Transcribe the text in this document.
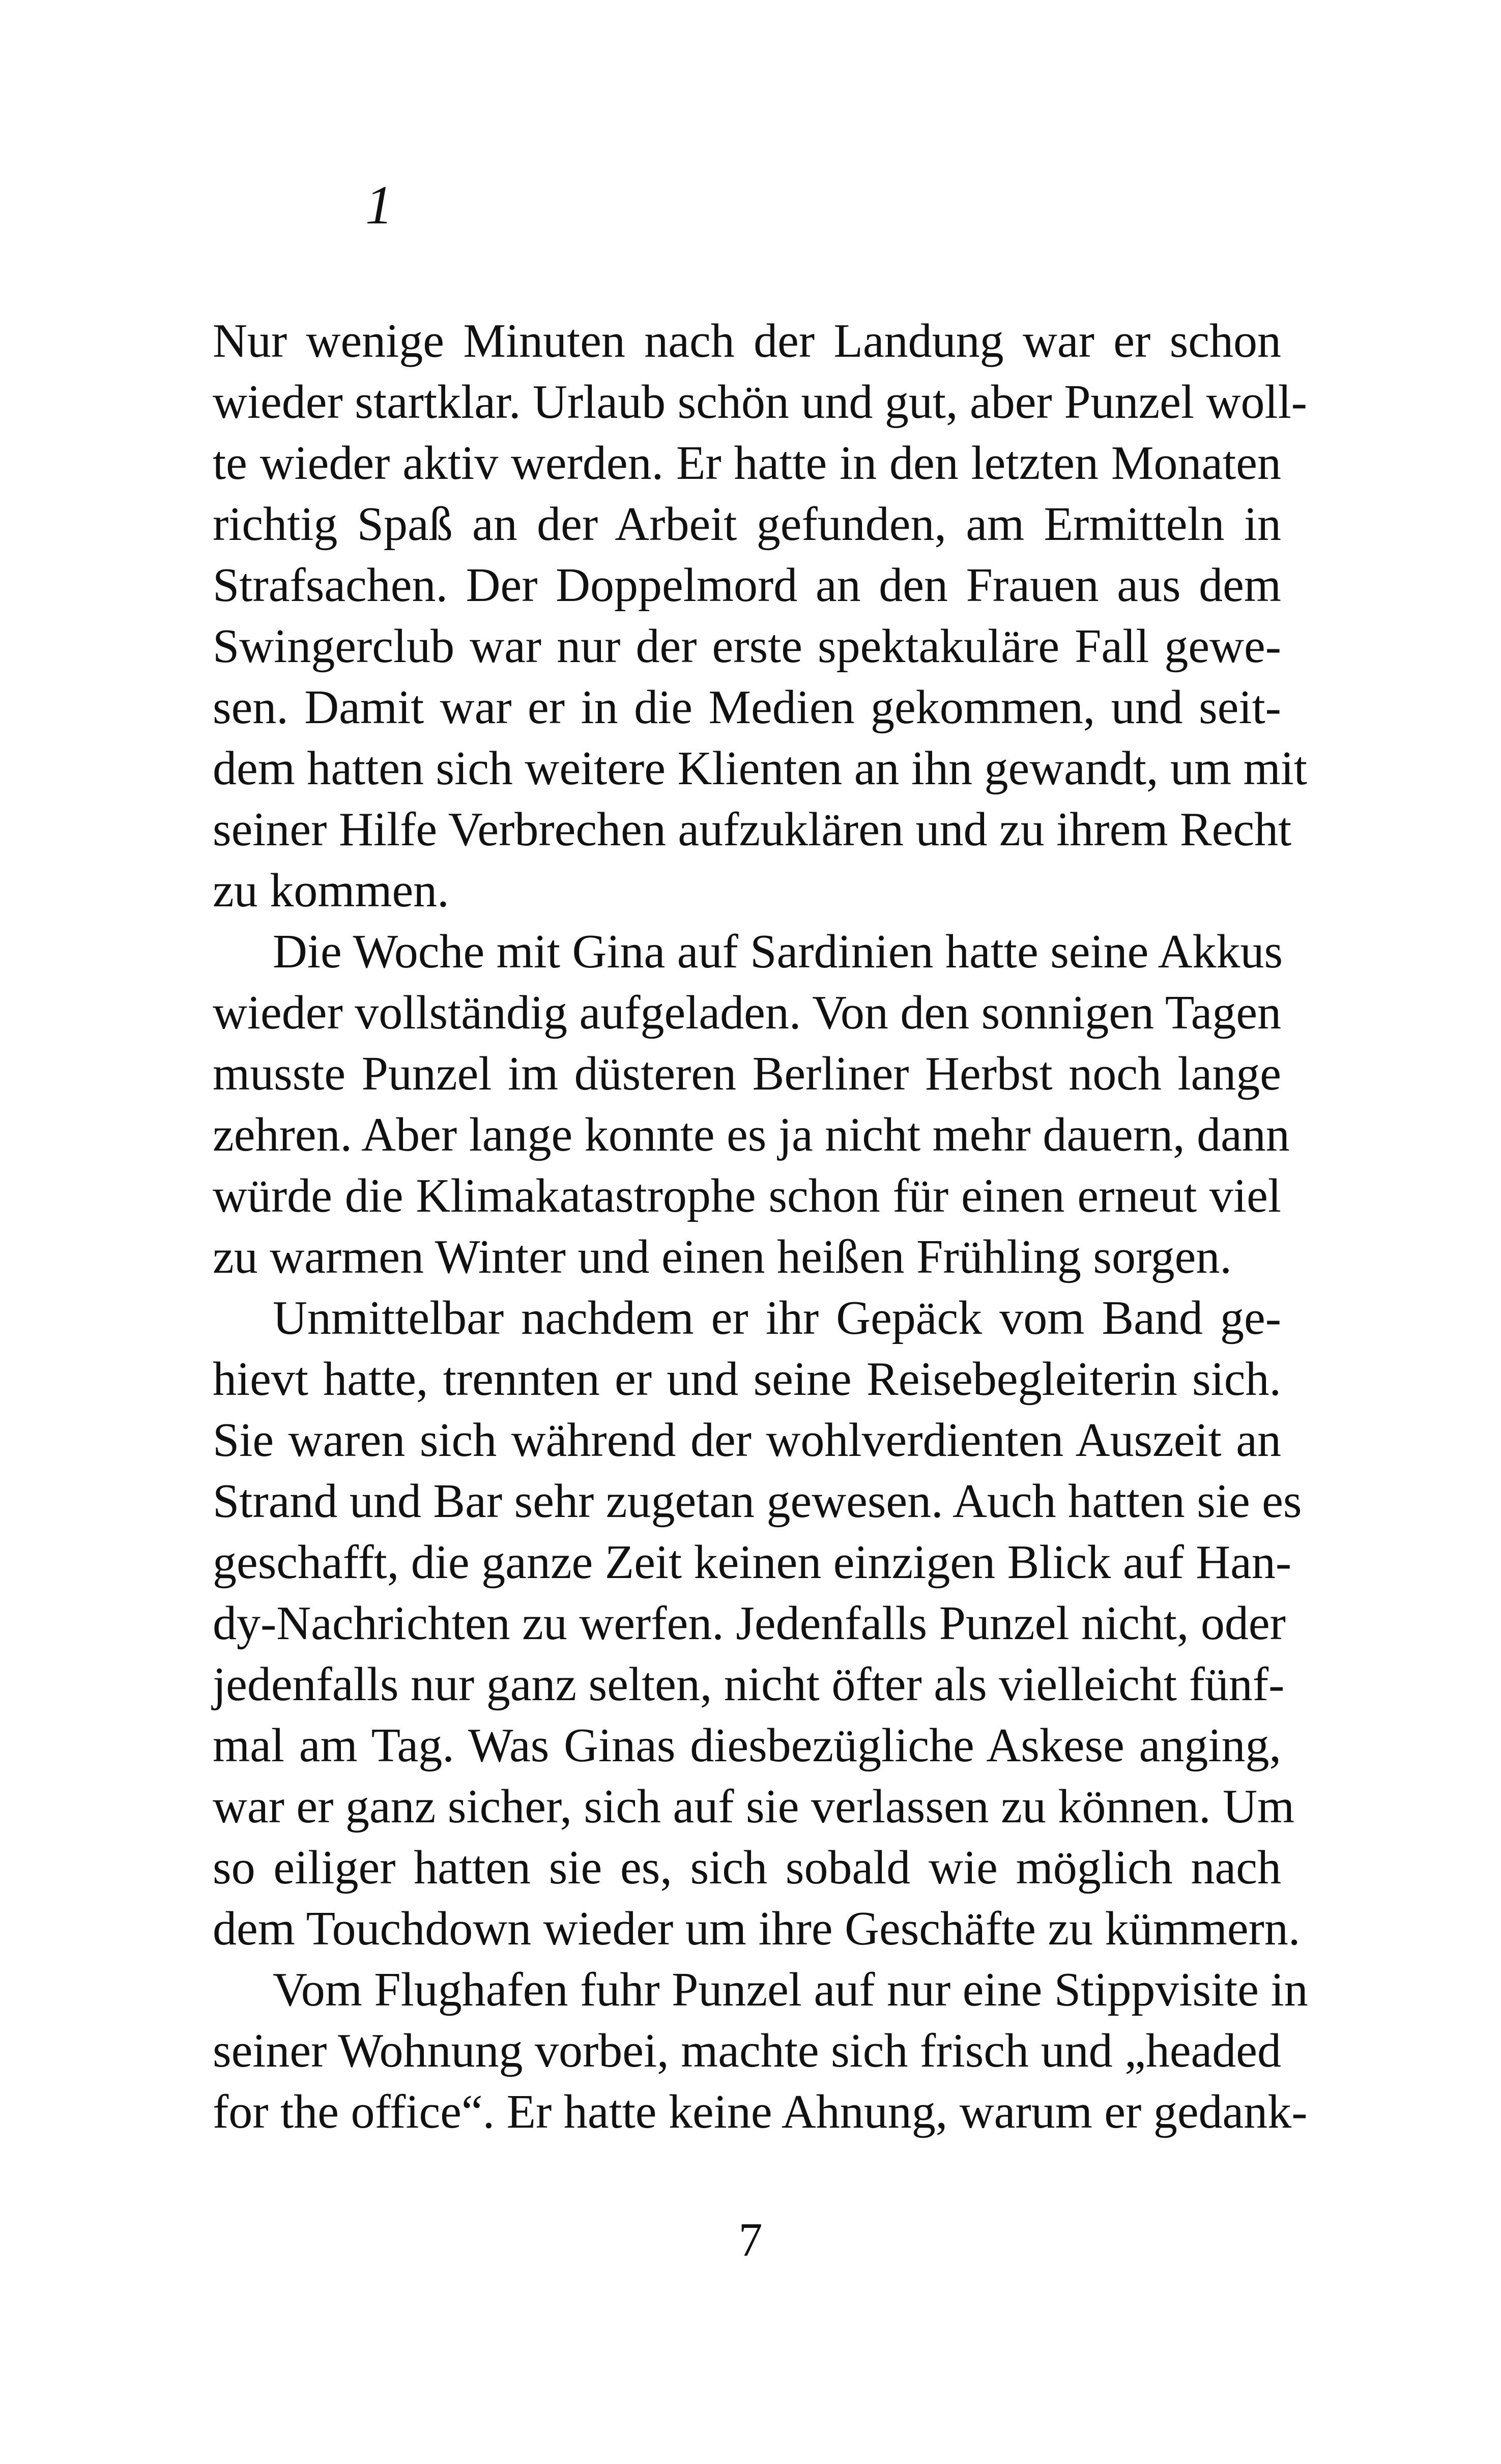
1
Nur wenige Minuten nach der Landung war er schon
wieder startklar. Urlaub schön und gut, aber Punzel woll-
te wieder aktiv werden. Er hatte in den letzten Monaten
richtig Spaß an der Arbeit gefunden, am Ermitteln in
Strafsachen. Der Doppelmord an den Frauen aus dem
Swingerclub war nur der erste spektakuläre Fall gewe-
sen. Damit war er in die Medien gekommen, und seit-
dem hatten sich weitere Klienten an ihn gewandt, um mit
seiner Hilfe Verbrechen aufzuklären und zu ihrem Recht
zu kommen.
Die Woche mit Gina auf Sardinien hatte seine Akkus
wieder vollständig aufgeladen. Von den sonnigen Tagen
musste Punzel im düsteren Berliner Herbst noch lange
zehren. Aber lange konnte es ja nicht mehr dauern, dann
würde die Klimakatastrophe schon für einen erneut viel
zu warmen Winter und einen heißen Frühling sorgen.
Unmittelbar nachdem er ihr Gepäck vom Band ge-
hievt hatte, trennten er und seine Reisebegleiterin sich.
Sie waren sich während der wohlverdienten Auszeit an
Strand und Bar sehr zugetan gewesen. Auch hatten sie es
geschafft, die ganze Zeit keinen einzigen Blick auf Han-
dy-Nachrichten zu werfen. Jedenfalls Punzel nicht, oder
jedenfalls nur ganz selten, nicht öfter als vielleicht fünf-
mal am Tag. Was Ginas diesbezügliche Askese anging,
war er ganz sicher, sich auf sie verlassen zu können. Um
so eiliger hatten sie es, sich sobald wie möglich nach
dem Touchdown wieder um ihre Geschäfte zu kümmern.
Vom Flughafen fuhr Punzel auf nur eine Stippvisite in
seiner Wohnung vorbei, machte sich frisch und „headed
for the office“. Er hatte keine Ahnung, warum er gedank-
7
